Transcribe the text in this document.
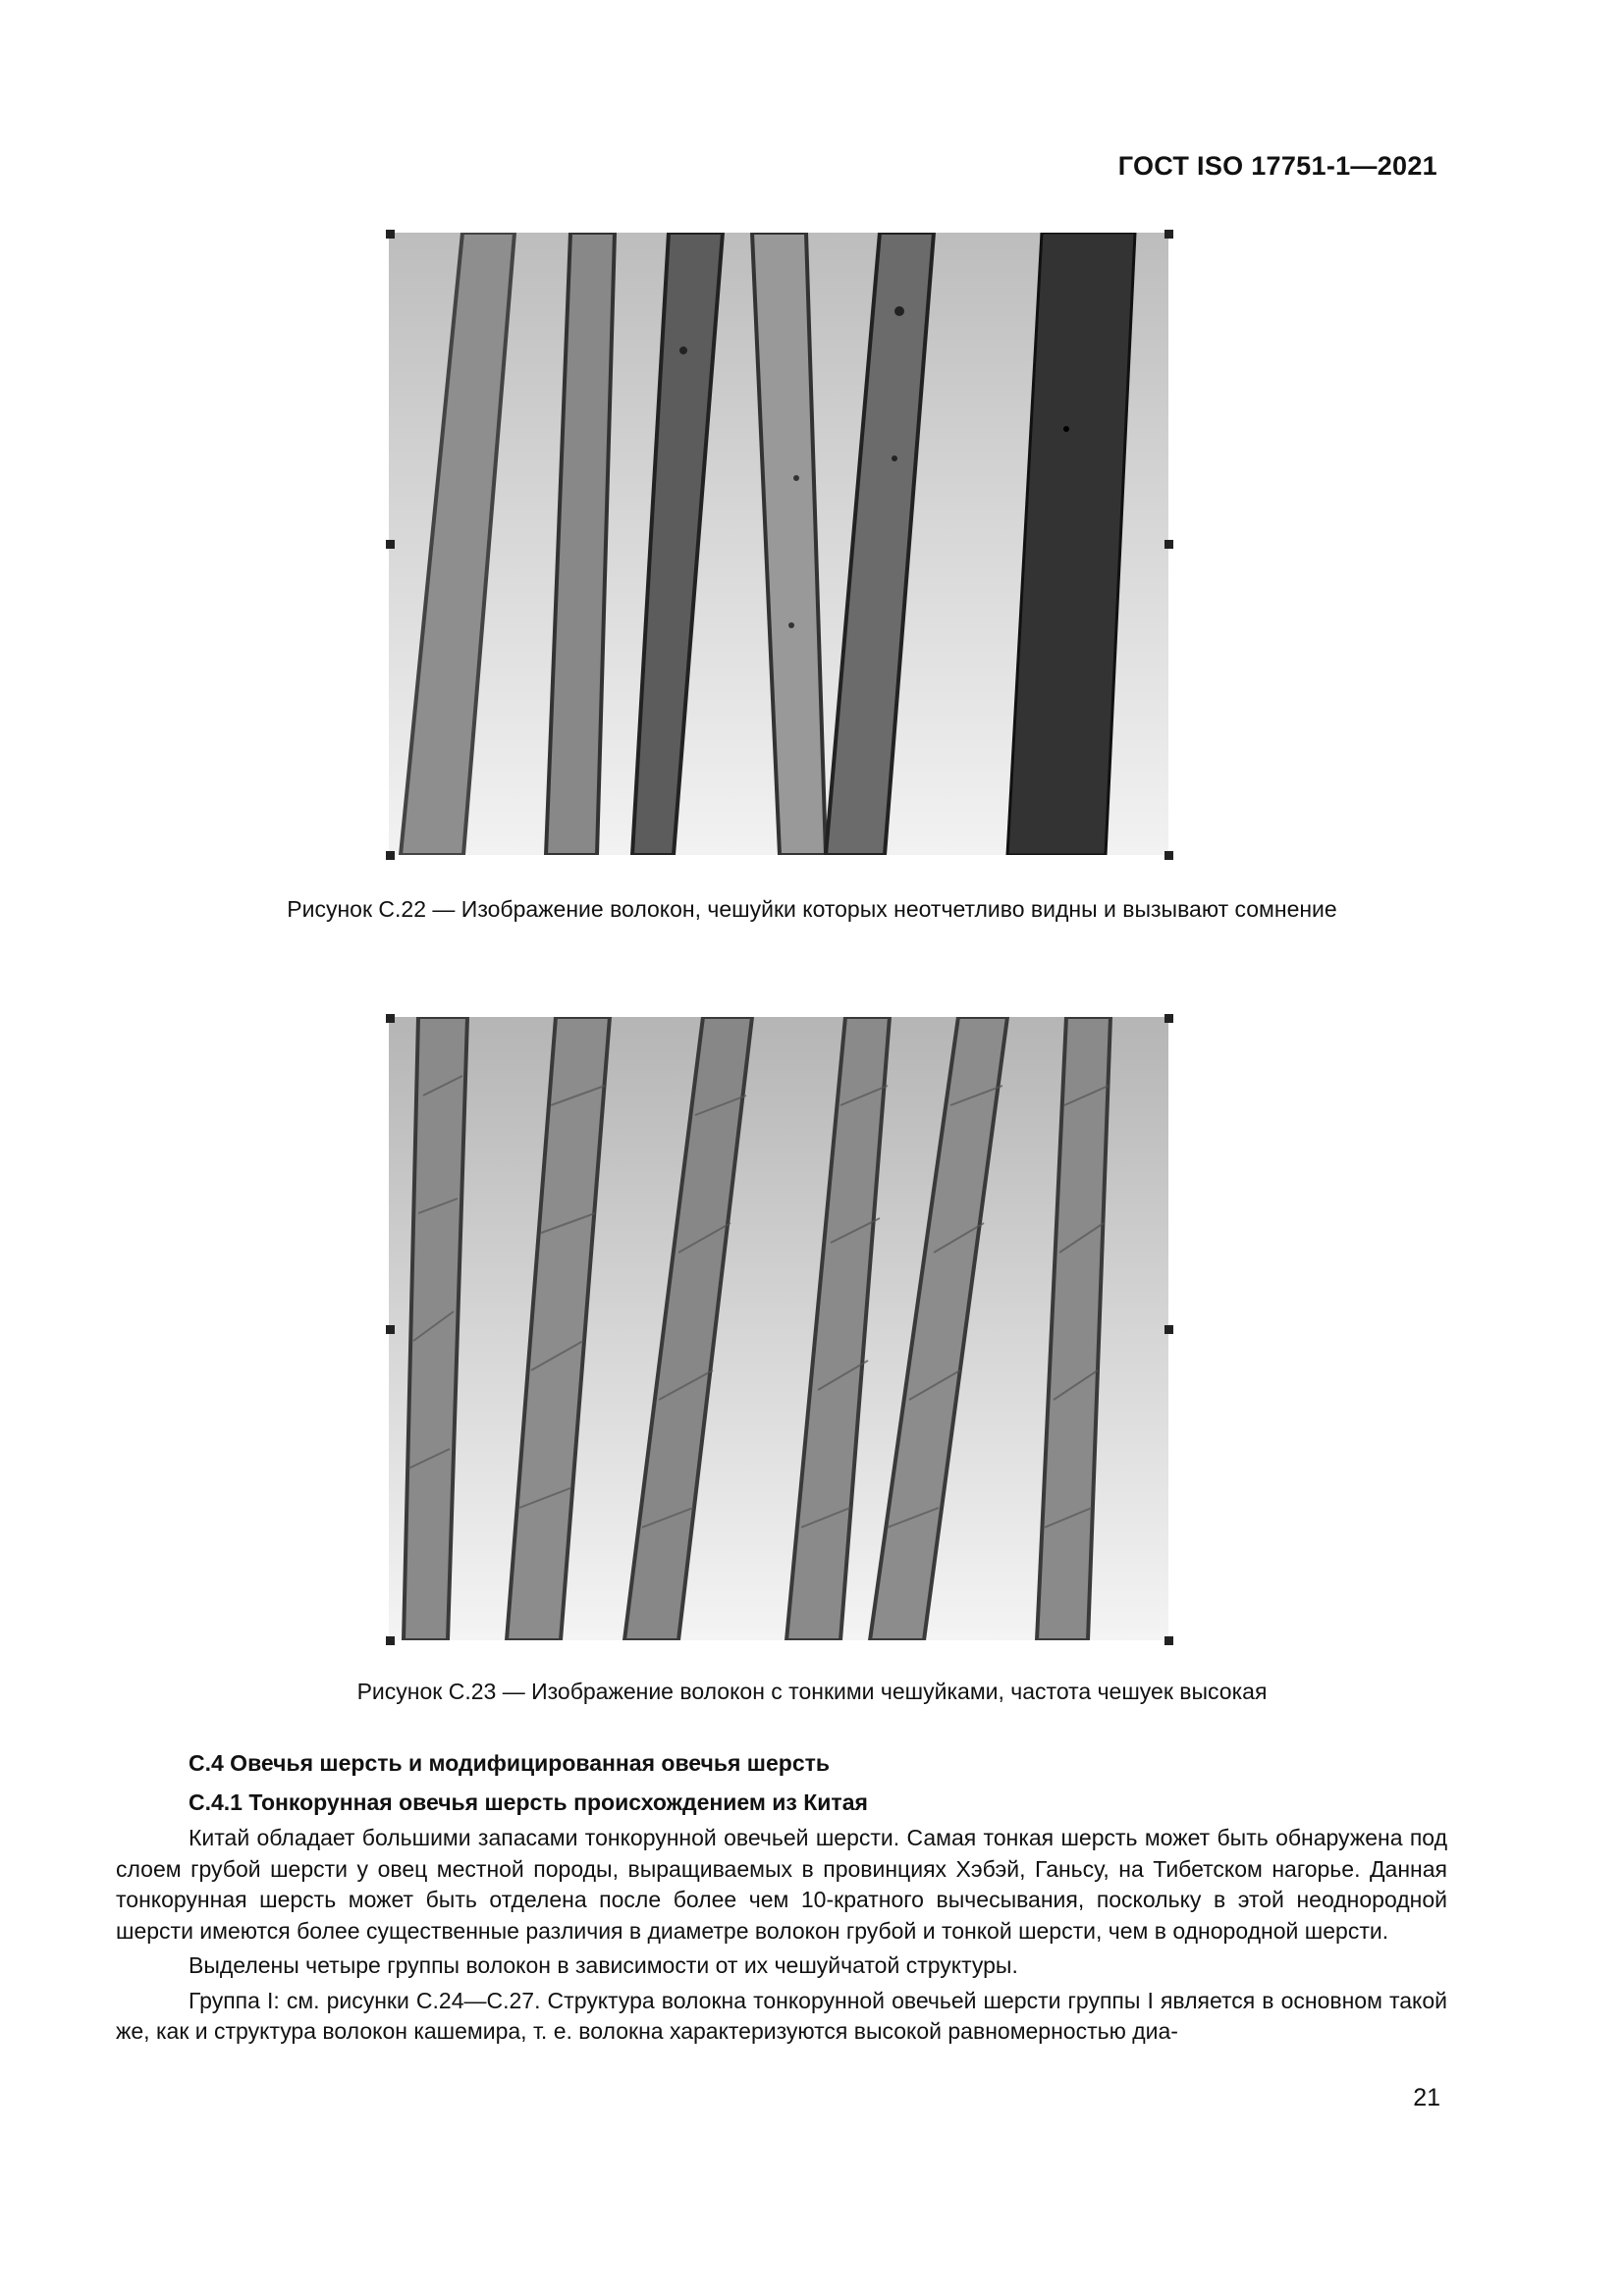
ГОСТ ISO 17751-1—2021
Рисунок С.22 — Изображение волокон, чешуйки которых неотчетливо видны и вызывают сомнение
Рисунок С.23 — Изображение волокон с тонкими чешуйками, частота чешуек высокая
С.4 Овечья шерсть и модифицированная овечья шерсть
С.4.1 Тонкорунная овечья шерсть происхождением из Китая

Китай обладает большими запасами тонкорунной овечьей шерсти. Самая тонкая шерсть может быть обнаружена под слоем грубой шерсти у овец местной породы, выращиваемых в провинциях Хэбэй, Ганьсу, на Тибетском нагорье. Данная тонкорунная шерсть может быть отделена после более чем 10-кратного вычесывания, поскольку в этой неоднородной шерсти имеются более существенные различия в диаметре волокон грубой и тонкой шерсти, чем в однородной шерсти.

Выделены четыре группы волокон в зависимости от их чешуйчатой структуры.

Группа I: см. рисунки С.24—С.27. Структура волокна тонкорунной овечьей шерсти группы I является в основном такой же, как и структура волокон кашемира, т. е. волокна характеризуются высокой равномерностью диа-

21
